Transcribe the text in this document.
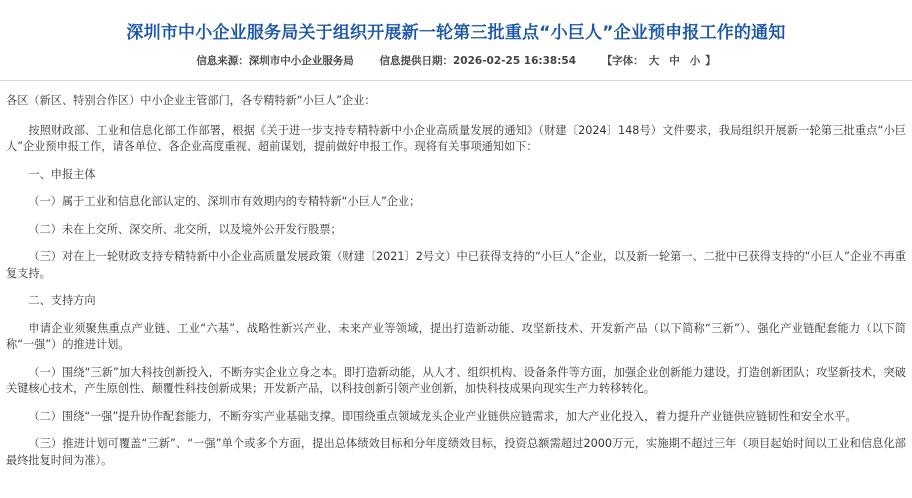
深圳市中小企业服务局关于组织开展新一轮第三批重点“小巨人”企业预申报工作的通知
信息来源：深圳市中小企业服务局 信息提供日期：2026-02-25 16:38:54 【字体： 大 中 小 】

各区（新区、特别合作区）中小企业主管部门，各专精特新“小巨人”企业：

按照财政部、工业和信息化部工作部署，根据《关于进一步支持专精特新中小企业高质量发展的通知》（财建〔2024〕148号）文件要求，我局组织开展新一轮第三批重点“小巨人”企业预申报工作，请各单位、各企业高度重视、超前谋划，提前做好申报工作。现将有关事项通知如下：

一、申报主体

（一）属于工业和信息化部认定的、深圳市有效期内的专精特新“小巨人”企业；

（二）未在上交所、深交所、北交所，以及境外公开发行股票；

（三）对在上一轮财政支持专精特新中小企业高质量发展政策（财建〔2021〕2号文）中已获得支持的“小巨人”企业，以及新一轮第一、二批中已获得支持的“小巨人”企业不再重复支持。

二、支持方向

申请企业须聚焦重点产业链、工业“六基”、战略性新兴产业、未来产业等领域，提出打造新动能、攻坚新技术、开发新产品（以下简称“三新”）、强化产业链配套能力（以下简称“一强”）的推进计划。

（一）围绕“三新”加大科技创新投入，不断夯实企业立身之本。即打造新动能，从人才、组织机构、设备条件等方面，加强企业创新能力建设，打造创新团队；攻坚新技术，突破关键核心技术，产生原创性、颠覆性科技创新成果；开发新产品，以科技创新引领产业创新，加快科技成果向现实生产力转移转化。

（二）围绕“一强”提升协作配套能力，不断夯实产业基础支撑。即围绕重点领域龙头企业产业链供应链需求，加大产业化投入，着力提升产业链供应链韧性和安全水平。

（三）推进计划可覆盖“三新”、“一强”单个或多个方面，提出总体绩效目标和分年度绩效目标，投资总额需超过2000万元，实施期不超过三年（项目起始时间以工业和信息化部最终批复时间为准）。
